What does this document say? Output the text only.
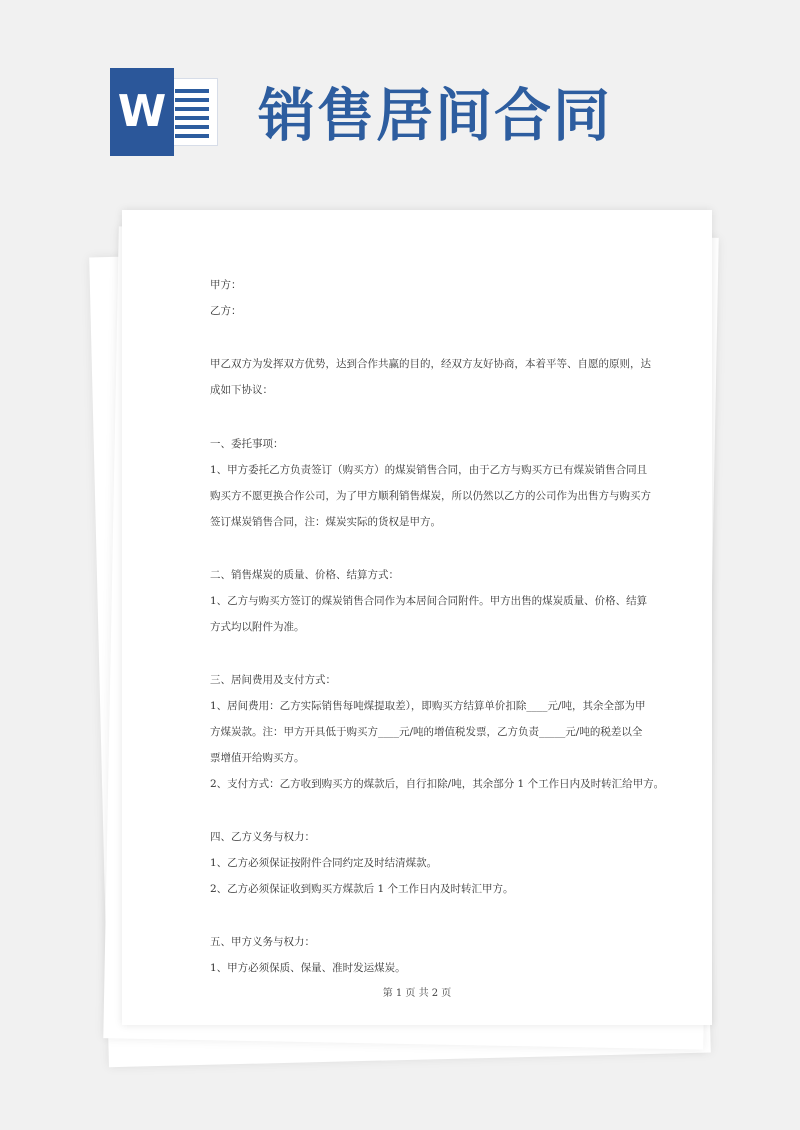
W 销售居间合同
甲方：
乙方：
甲乙双方为发挥双方优势，达到合作共赢的目的，经双方友好协商，本着平等、自愿的原则，达
成如下协议：
一、委托事项：
1、甲方委托乙方负责签订（购买方）的煤炭销售合同，由于乙方与购买方已有煤炭销售合同且
购买方不愿更换合作公司，为了甲方顺利销售煤炭，所以仍然以乙方的公司作为出售方与购买方
签订煤炭销售合同，注：煤炭实际的货权是甲方。
二、销售煤炭的质量、价格、结算方式：
1、乙方与购买方签订的煤炭销售合同作为本居间合同附件。甲方出售的煤炭质量、价格、结算
方式均以附件为准。
三、居间费用及支付方式：
1、居间费用：乙方实际销售每吨煤提取差），即购买方结算单价扣除____元/吨，其余全部为甲
方煤炭款。注：甲方开具低于购买方____元/吨的增值税发票，乙方负责_____元/吨的税差以全
票增值开给购买方。
2、支付方式：乙方收到购买方的煤款后，自行扣除/吨，其余部分 1 个工作日内及时转汇给甲方。
四、乙方义务与权力：
1、乙方必须保证按附件合同约定及时结清煤款。
2、乙方必须保证收到购买方煤款后 1 个工作日内及时转汇甲方。
五、甲方义务与权力：
1、甲方必须保质、保量、准时发运煤炭。
第 1 页 共 2 页
